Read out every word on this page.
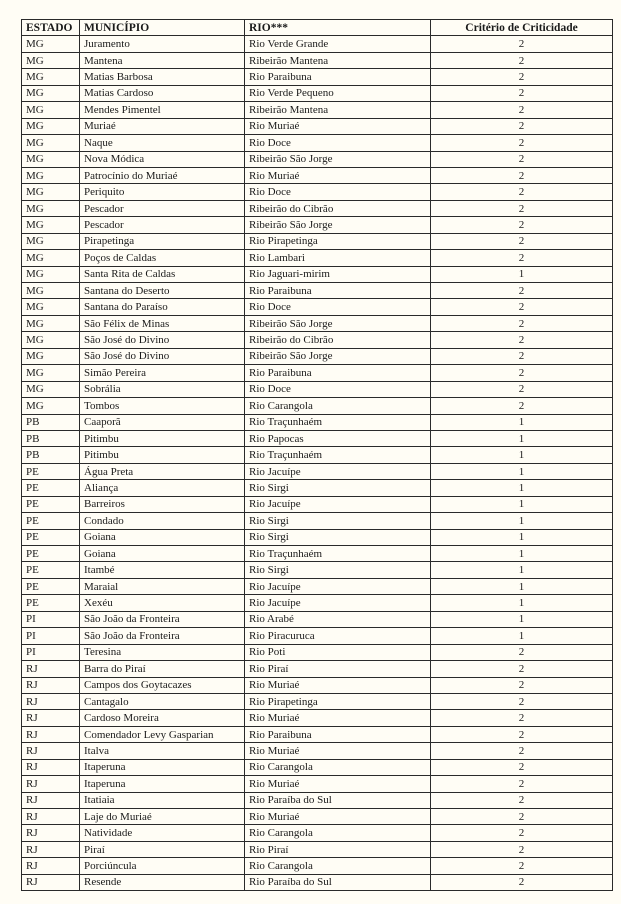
ESTADO	MUNICÍPIO	RIO***	Critério de Criticidade
MG	Juramento	Rio Verde Grande	2
MG	Mantena	Ribeirão Mantena	2
MG	Matias Barbosa	Rio Paraibuna	2
MG	Matias Cardoso	Rio Verde Pequeno	2
MG	Mendes Pimentel	Ribeirão Mantena	2
MG	Muriaé	Rio Muriaé	2
MG	Naque	Rio Doce	2
MG	Nova Módica	Ribeirão São Jorge	2
MG	Patrocínio do Muriaé	Rio Muriaé	2
MG	Periquito	Rio Doce	2
MG	Pescador	Ribeirão do Cibrão	2
MG	Pescador	Ribeirão São Jorge	2
MG	Pirapetinga	Rio Pirapetinga	2
MG	Poços de Caldas	Rio Lambari	2
MG	Santa Rita de Caldas	Rio Jaguari-mirim	1
MG	Santana do Deserto	Rio Paraibuna	2
MG	Santana do Paraíso	Rio Doce	2
MG	São Félix de Minas	Ribeirão São Jorge	2
MG	São José do Divino	Ribeirão do Cibrão	2
MG	São José do Divino	Ribeirão São Jorge	2
MG	Simão Pereira	Rio Paraibuna	2
MG	Sobrália	Rio Doce	2
MG	Tombos	Rio Carangola	2
PB	Caaporã	Rio Traçunhaém	1
PB	Pitimbu	Rio Papocas	1
PB	Pitimbu	Rio Traçunhaém	1
PE	Água Preta	Rio Jacuípe	1
PE	Aliança	Rio Sirgi	1
PE	Barreiros	Rio Jacuípe	1
PE	Condado	Rio Sirgi	1
PE	Goiana	Rio Sirgi	1
PE	Goiana	Rio Traçunhaém	1
PE	Itambé	Rio Sirgi	1
PE	Maraial	Rio Jacuípe	1
PE	Xexéu	Rio Jacuípe	1
PI	São João da Fronteira	Rio Arabé	1
PI	São João da Fronteira	Rio Piracuruca	1
PI	Teresina	Rio Poti	2
RJ	Barra do Piraí	Rio Piraí	2
RJ	Campos dos Goytacazes	Rio Muriaé	2
RJ	Cantagalo	Rio Pirapetinga	2
RJ	Cardoso Moreira	Rio Muriaé	2
RJ	Comendador Levy Gasparian	Rio Paraibuna	2
RJ	Italva	Rio Muriaé	2
RJ	Itaperuna	Rio Carangola	2
RJ	Itaperuna	Rio Muriaé	2
RJ	Itatiaia	Rio Paraíba do Sul	2
RJ	Laje do Muriaé	Rio Muriaé	2
RJ	Natividade	Rio Carangola	2
RJ	Piraí	Rio Piraí	2
RJ	Porciúncula	Rio Carangola	2
RJ	Resende	Rio Paraíba do Sul	2
